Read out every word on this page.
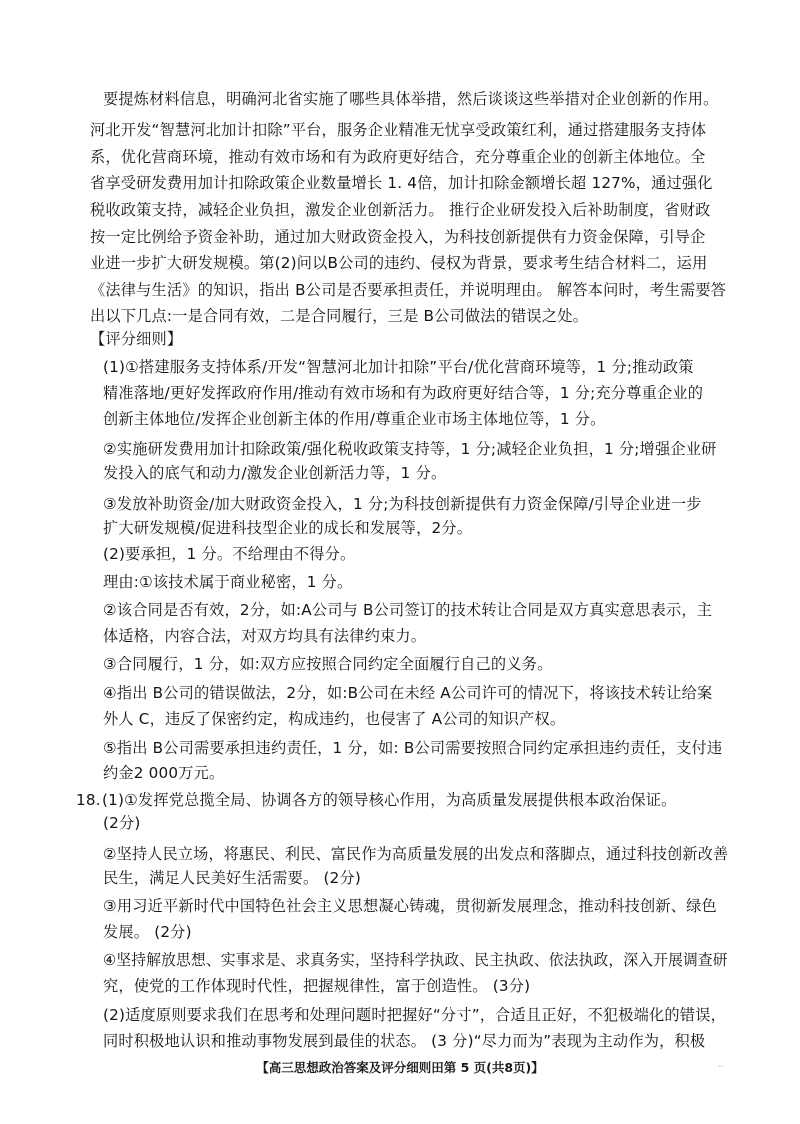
要提炼材料信息，明确河北省实施了哪些具体举措，然后谈谈这些举措对企业创新的作用。
河北开发“智慧河北加计扣除”平台，服务企业精准无忧享受政策红利，通过搭建服务支持体
系，优化营商环境，推动有效市场和有为政府更好结合，充分尊重企业的创新主体地位。全
省享受研发费用加计扣除政策企业数量增长 1. 4倍，加计扣除金额增长超 127%，通过强化
税收政策支持，减轻企业负担，激发企业创新活力。 推行企业研发投入后补助制度，省财政
按一定比例给予资金补助，通过加大财政资金投入，为科技创新提供有力资金保障，引导企
业进一步扩大研发规模。第(2)问以B公司的违约、侵权为背景，要求考生结合材料二，运用
《法律与生活》的知识，指出 B公司是否要承担责任，并说明理由。 解答本问时，考生需要答
出以下几点:一是合同有效，二是合同履行，三是 B公司做法的错误之处。
【评分细则】
(1)①搭建服务支持体系/开发“智慧河北加计扣除”平台/优化营商环境等，1 分;推动政策
精准落地/更好发挥政府作用/推动有效市场和有为政府更好结合等，1 分;充分尊重企业的
创新主体地位/发挥企业创新主体的作用/尊重企业市场主体地位等，1 分。
②实施研发费用加计扣除政策/强化税收政策支持等，1 分;减轻企业负担，1 分;增强企业研
发投入的底气和动力/激发企业创新活力等，1 分。
③发放补助资金/加大财政资金投入，1 分;为科技创新提供有力资金保障/引导企业进一步
扩大研发规模/促进科技型企业的成长和发展等，2分。
(2)要承担，1 分。不给理由不得分。
理由:①该技术属于商业秘密，1 分。
②该合同是否有效，2分，如:A公司与 B公司签订的技术转让合同是双方真实意思表示，主
体适格，内容合法，对双方均具有法律约束力。
③合同履行，1 分，如:双方应按照合同约定全面履行自己的义务。
④指出 B公司的错误做法，2分，如:B公司在未经 A公司许可的情况下，将该技术转让给案
外人 C，违反了保密约定，构成违约，也侵害了 A公司的知识产权。
⑤指出 B公司需要承担违约责任，1 分，如: B公司需要按照合同约定承担违约责任，支付违
约金2 000万元。
18. (1)①发挥党总揽全局、协调各方的领导核心作用，为高质量发展提供根本政治保证。
(2分)
②坚持人民立场，将惠民、利民、富民作为高质量发展的出发点和落脚点，通过科技创新改善
民生，满足人民美好生活需要。 (2分)
③用习近平新时代中国特色社会主义思想凝心铸魂，贯彻新发展理念，推动科技创新、绿色
发展。 (2分)
④坚持解放思想、实事求是、求真务实，坚持科学执政、民主执政、依法执政，深入开展调查研
究，使党的工作体现时代性，把握规律性，富于创造性。 (3分)
(2)适度原则要求我们在思考和处理问题时把握好“分寸”，合适且正好，不犯极端化的错误，
同时积极地认识和推动事物发展到最佳的状态。 (3 分)“尽力而为”表现为主动作为，积极
【高三思想政治答案及评分细则田第 5 页(共8页)】	··
